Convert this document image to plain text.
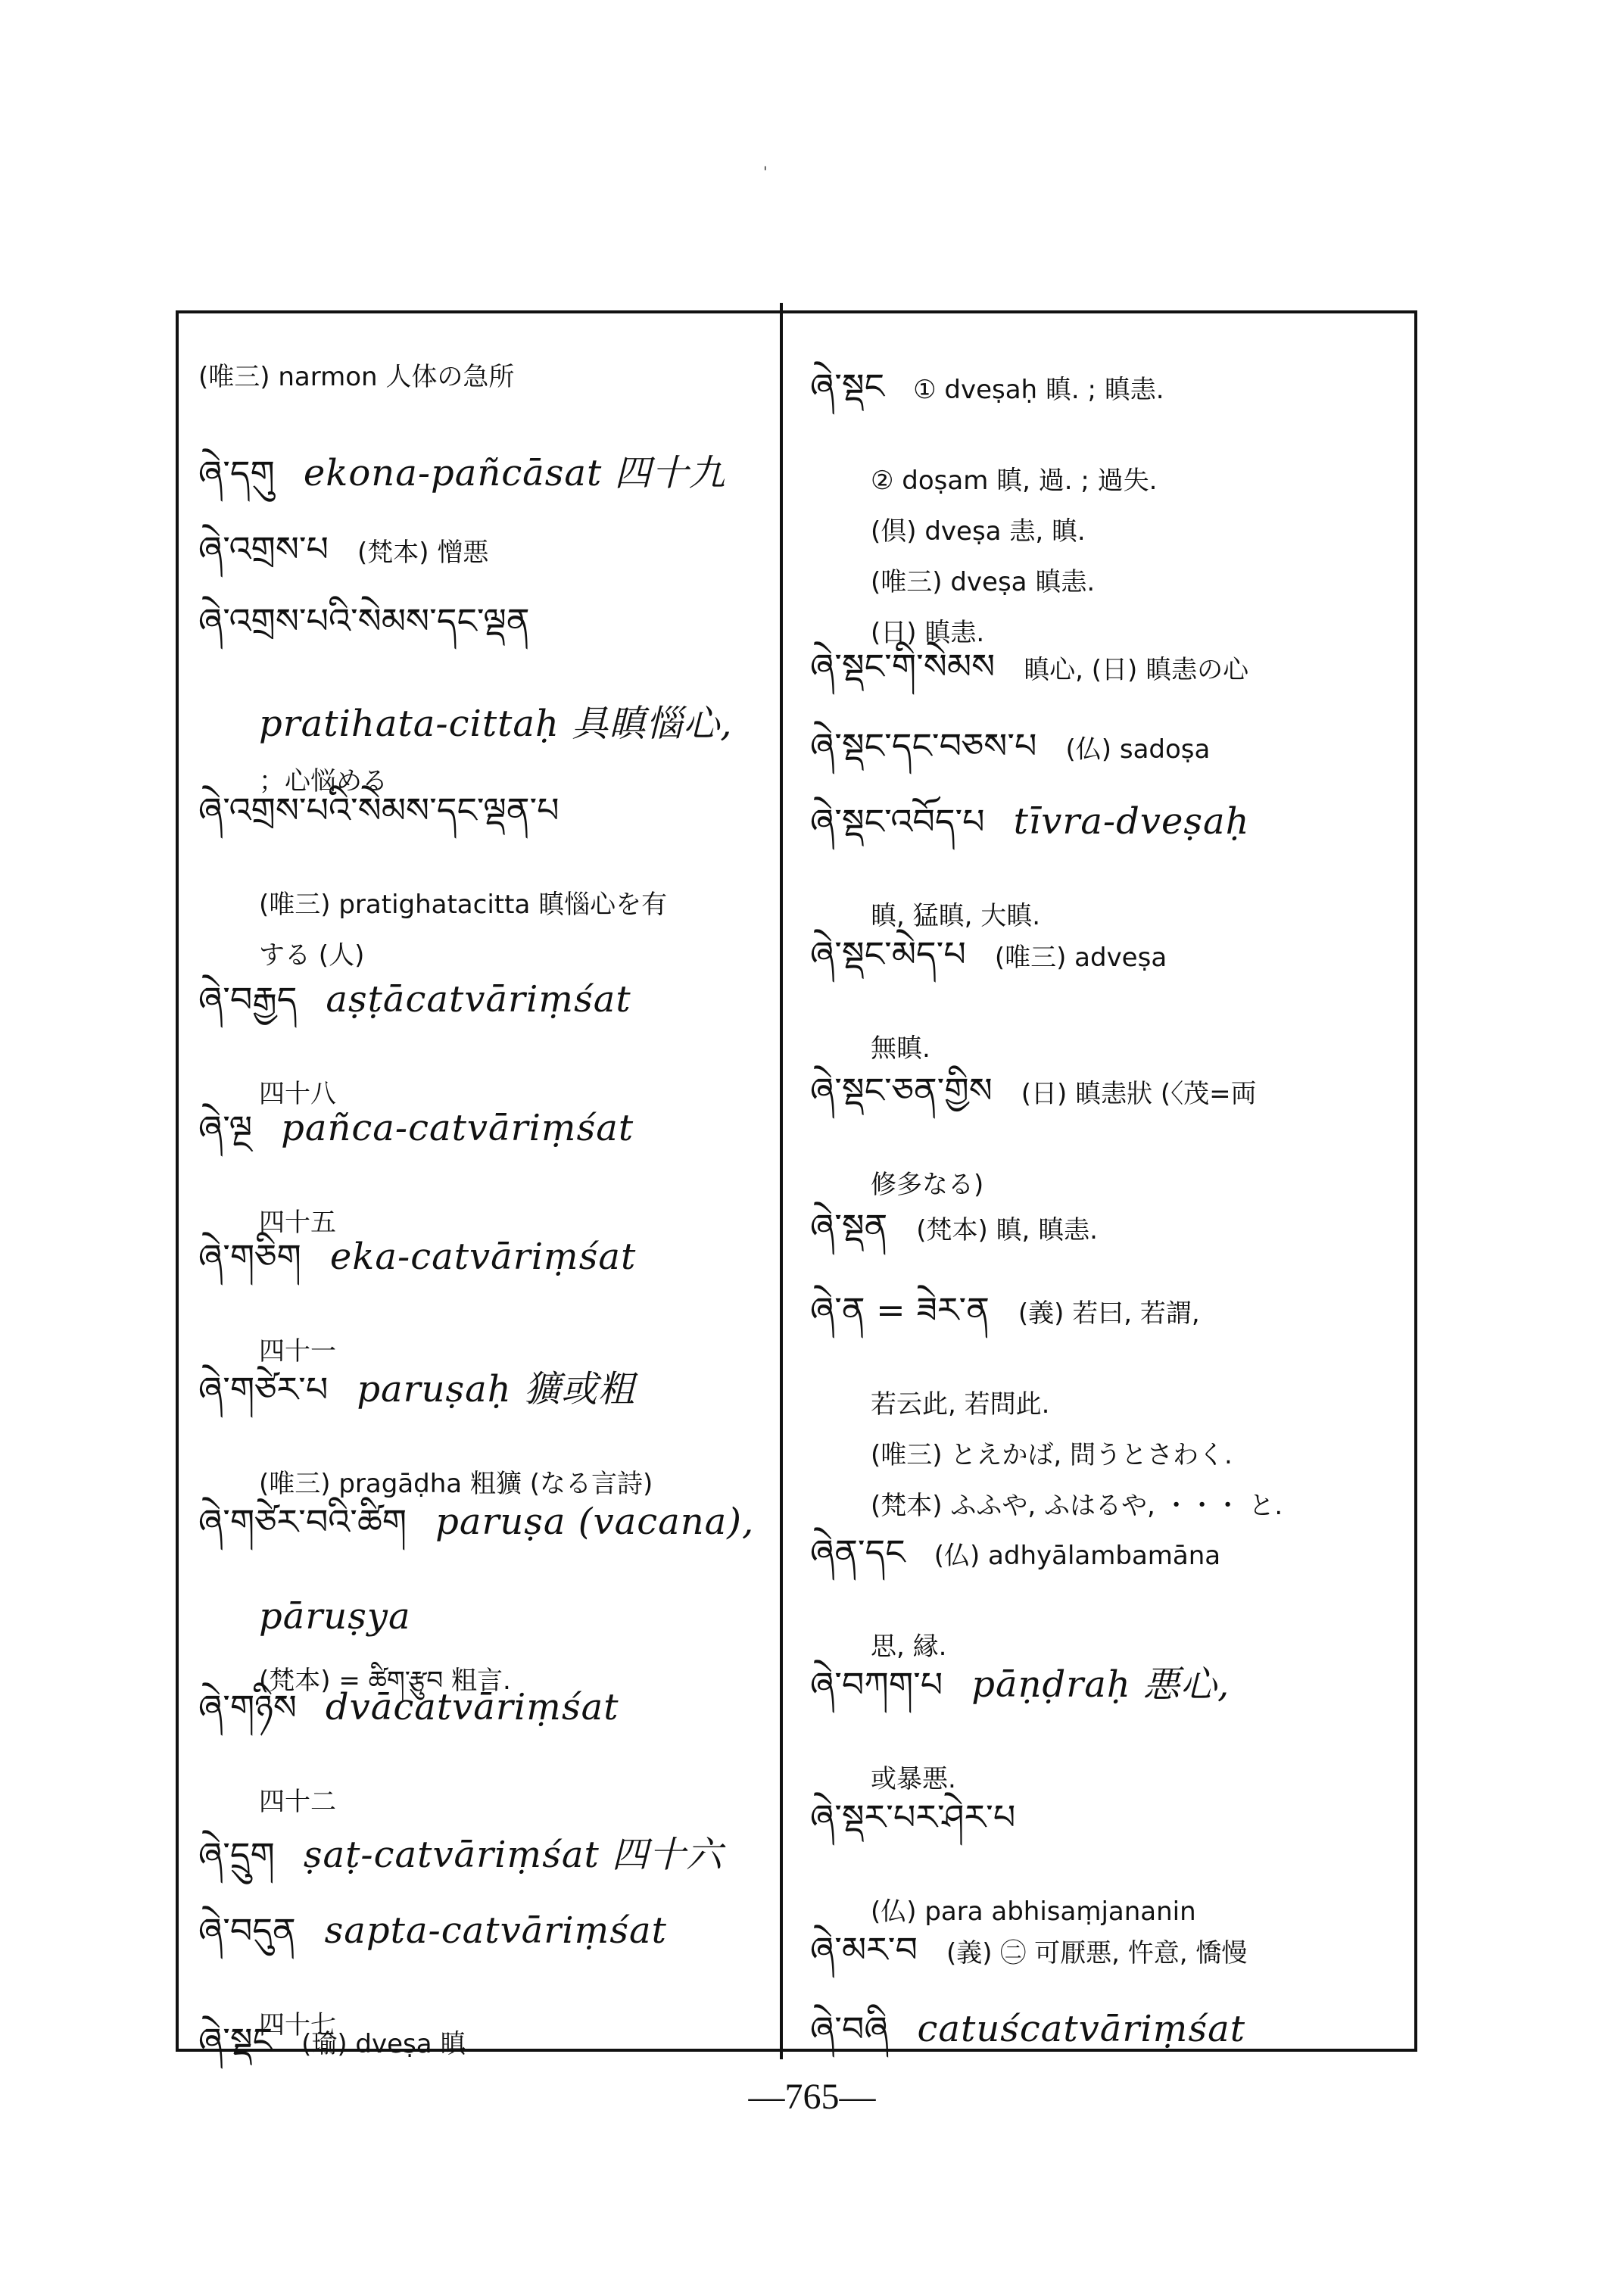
'
(唯三) narmon 人体の急所
ཞེ་དགུ ekona-pañcāsat 四十九
ཞེ་འགྲས་པ (梵本) 憎悪
ཞེ་འགྲས་པའི་སེམས་དང་ལྡན
pratihata-cittaḥ 具瞋惱心,
；心悩める
ཞེ་འགྲས་པའི་སེམས་དང་ལྡན་པ
(唯三) pratighatacitta 瞋惱心を有
する (人)
ཞེ་བརྒྱད aṣṭācatvāriṃśat
四十八
ཞེ་ལྔ pañca-catvāriṃśat
四十五
ཞེ་གཅིག eka-catvāriṃśat
四十一
ཞེ་གཙེར་པ paruṣaḥ 獷或粗
(唯三) pragāḍha 粗獷 (なる言詩)
ཞེ་གཙེར་བའི་ཚིག paruṣa (vacana),
pāruṣya
(梵本) = ཚིག་རྩུབ 粗言.
ཞེ་གཉིས dvācatvāriṃśat
四十二
ཞེ་དྲུག ṣaṭ-catvāriṃśat 四十六
ཞེ་བདུན sapta-catvāriṃśat
四十七
ཞེ་སྡང (瑜) dveṣa 瞋
ཞེ་སྡང ① dveṣaḥ 瞋. ; 瞋恚.
② doṣam 瞋, 過. ; 過失.
(倶) dveṣa 恚, 瞋.
(唯三) dveṣa 瞋恚.
(日) 瞋恚.
ཞེ་སྡང་གི་སེམས 瞋心, (日) 瞋恚の心
ཞེ་སྡང་དང་བཅས་པ (仏) sadoṣa
ཞེ་སྡང་འབོད་པ tīvra-dveṣaḥ
瞋, 猛瞋, 大瞋.
ཞེ་སྡང་མེད་པ (唯三) adveṣa
無瞋.
ཞེ་སྡང་ཅན་གྱིས (日) 瞋恚狀 (〈茂=両
修多なる)
ཞེ་སྡན (梵本) 瞋, 瞋恚.
ཞེ་ན = ཟེར་ན (義) 若曰, 若謂,
若云此, 若問此.
(唯三) とえかば, 問うとさわく.
(梵本) ふふや, ふはるや, ・・・ と.
ཞེན་དང (仏) adhyālambamāna
思, 縁.
ཞེ་བཀག་པ pāṇḍraḥ 悪心,
或暴悪.
ཞེ་སྡར་པར་ཤེར་པ
(仏) para abhisaṃjananin
ཞེ་མར་བ (義) ㊁ 可厭悪, 忤意, 憍慢
ཞེ་བཞི catuścatvāriṃśat
—765—
